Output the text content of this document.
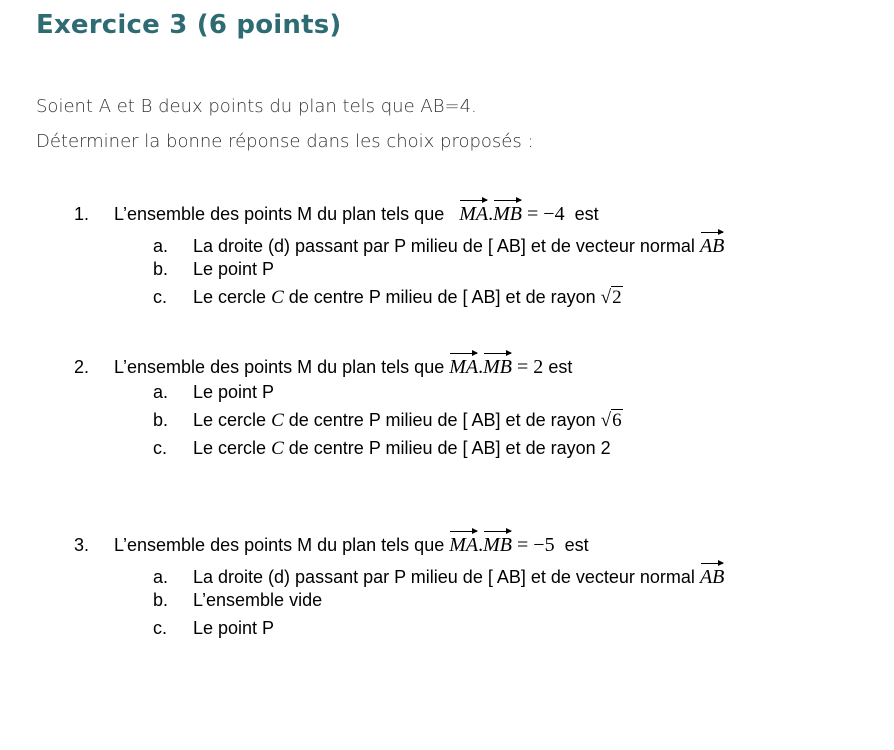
Exercice 3 (6 points)
Soient A et B deux points du plan tels que AB=4.
Déterminer la bonne réponse dans les choix proposés :
1. L’ensemble des points M du plan tels que MA.MB = −4 est
a. La droite (d) passant par P milieu de [ AB] et de vecteur normal AB
b. Le point P
c. Le cercle C de centre P milieu de [ AB] et de rayon √2
2. L’ensemble des points M du plan tels que MA.MB = 2 est
a. Le point P
b. Le cercle C de centre P milieu de [ AB] et de rayon √6
c. Le cercle C de centre P milieu de [ AB] et de rayon 2
3. L’ensemble des points M du plan tels que MA.MB = −5 est
a. La droite (d) passant par P milieu de [ AB] et de vecteur normal AB
b. L’ensemble vide
c. Le point P
